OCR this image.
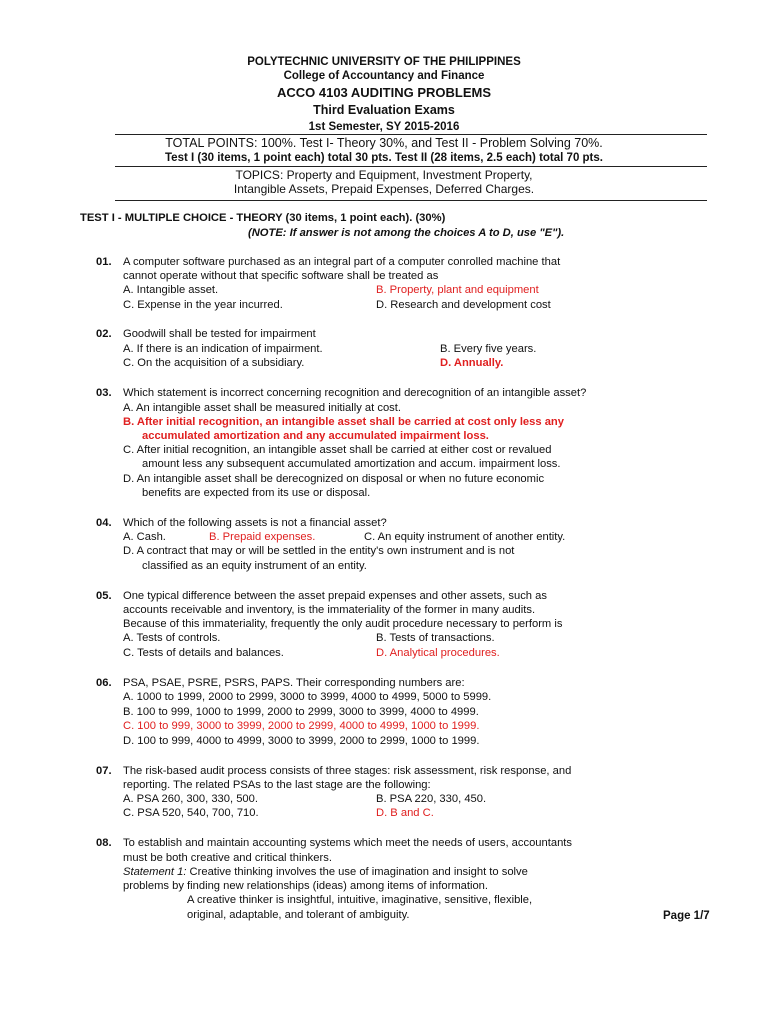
POLYTECHNIC UNIVERSITY OF THE PHILIPPINES
College of Accountancy and Finance
ACCO 4103 AUDITING PROBLEMS
Third Evaluation Exams
1st Semester, SY 2015-2016
TOTAL POINTS: 100%. Test I- Theory 30%, and Test II - Problem Solving 70%.
Test I (30 items, 1 point each) total 30 pts. Test II (28 items, 2.5 each) total 70 pts.
TOPICS: Property and Equipment, Investment Property,
Intangible Assets, Prepaid Expenses, Deferred Charges.
TEST I - MULTIPLE CHOICE - THEORY (30 items, 1 point each). (30%)
(NOTE: If answer is not among the choices A to D, use "E").
01. A computer software purchased as an integral part of a computer conrolled machine that
cannot operate without that specific software shall be treated as
A. Intangible asset.	B. Property, plant and equipment
C. Expense in the year incurred.	D. Research and development cost
02. Goodwill shall be tested for impairment
A. If there is an indication of impairment.	B. Every five years.
C. On the acquisition of a subsidiary.	D. Annually.
03. Which statement is incorrect concerning recognition and derecognition of an intangible asset?
A. An intangible asset shall be measured initially at cost.
B. After initial recognition, an intangible asset shall be carried at cost only less any
accumulated amortization and any accumulated impairment loss.
C. After initial recognition, an intangible asset shall be carried at either cost or revalued
amount less any subsequent accumulated amortization and accum. impairment loss.
D. An intangible asset shall be derecognized on disposal or when no future economic
benefits are expected from its use or disposal.
04. Which of the following assets is not a financial asset?
A. Cash.	B. Prepaid expenses.	C. An equity instrument of another entity.
D. A contract that may or will be settled in the entity's own instrument and is not
classified as an equity instrument of an entity.
05. One typical difference between the asset prepaid expenses and other assets, such as
accounts receivable and inventory, is the immateriality of the former in many audits.
Because of this immateriality, frequently the only audit procedure necessary to perform is
A. Tests of controls.	B. Tests of transactions.
C. Tests of details and balances.	D. Analytical procedures.
06. PSA, PSAE, PSRE, PSRS, PAPS. Their corresponding numbers are:
A. 1000 to 1999, 2000 to 2999, 3000 to 3999, 4000 to 4999, 5000 to 5999.
B. 100 to 999, 1000 to 1999, 2000 to 2999, 3000 to 3999, 4000 to 4999.
C. 100 to 999, 3000 to 3999, 2000 to 2999, 4000 to 4999, 1000 to 1999.
D. 100 to 999, 4000 to 4999, 3000 to 3999, 2000 to 2999, 1000 to 1999.
07. The risk-based audit process consists of three stages: risk assessment, risk response, and
reporting. The related PSAs to the last stage are the following:
A. PSA 260, 300, 330, 500.	B. PSA 220, 330, 450.
C. PSA 520, 540, 700, 710.	D. B and C.
08. To establish and maintain accounting systems which meet the needs of users, accountants
must be both creative and critical thinkers.
Statement 1: Creative thinking involves the use of imagination and insight to solve
problems by finding new relationships (ideas) among items of information.
A creative thinker is insightful, intuitive, imaginative, sensitive, flexible,
original, adaptable, and tolerant of ambiguity.	Page 1/7
